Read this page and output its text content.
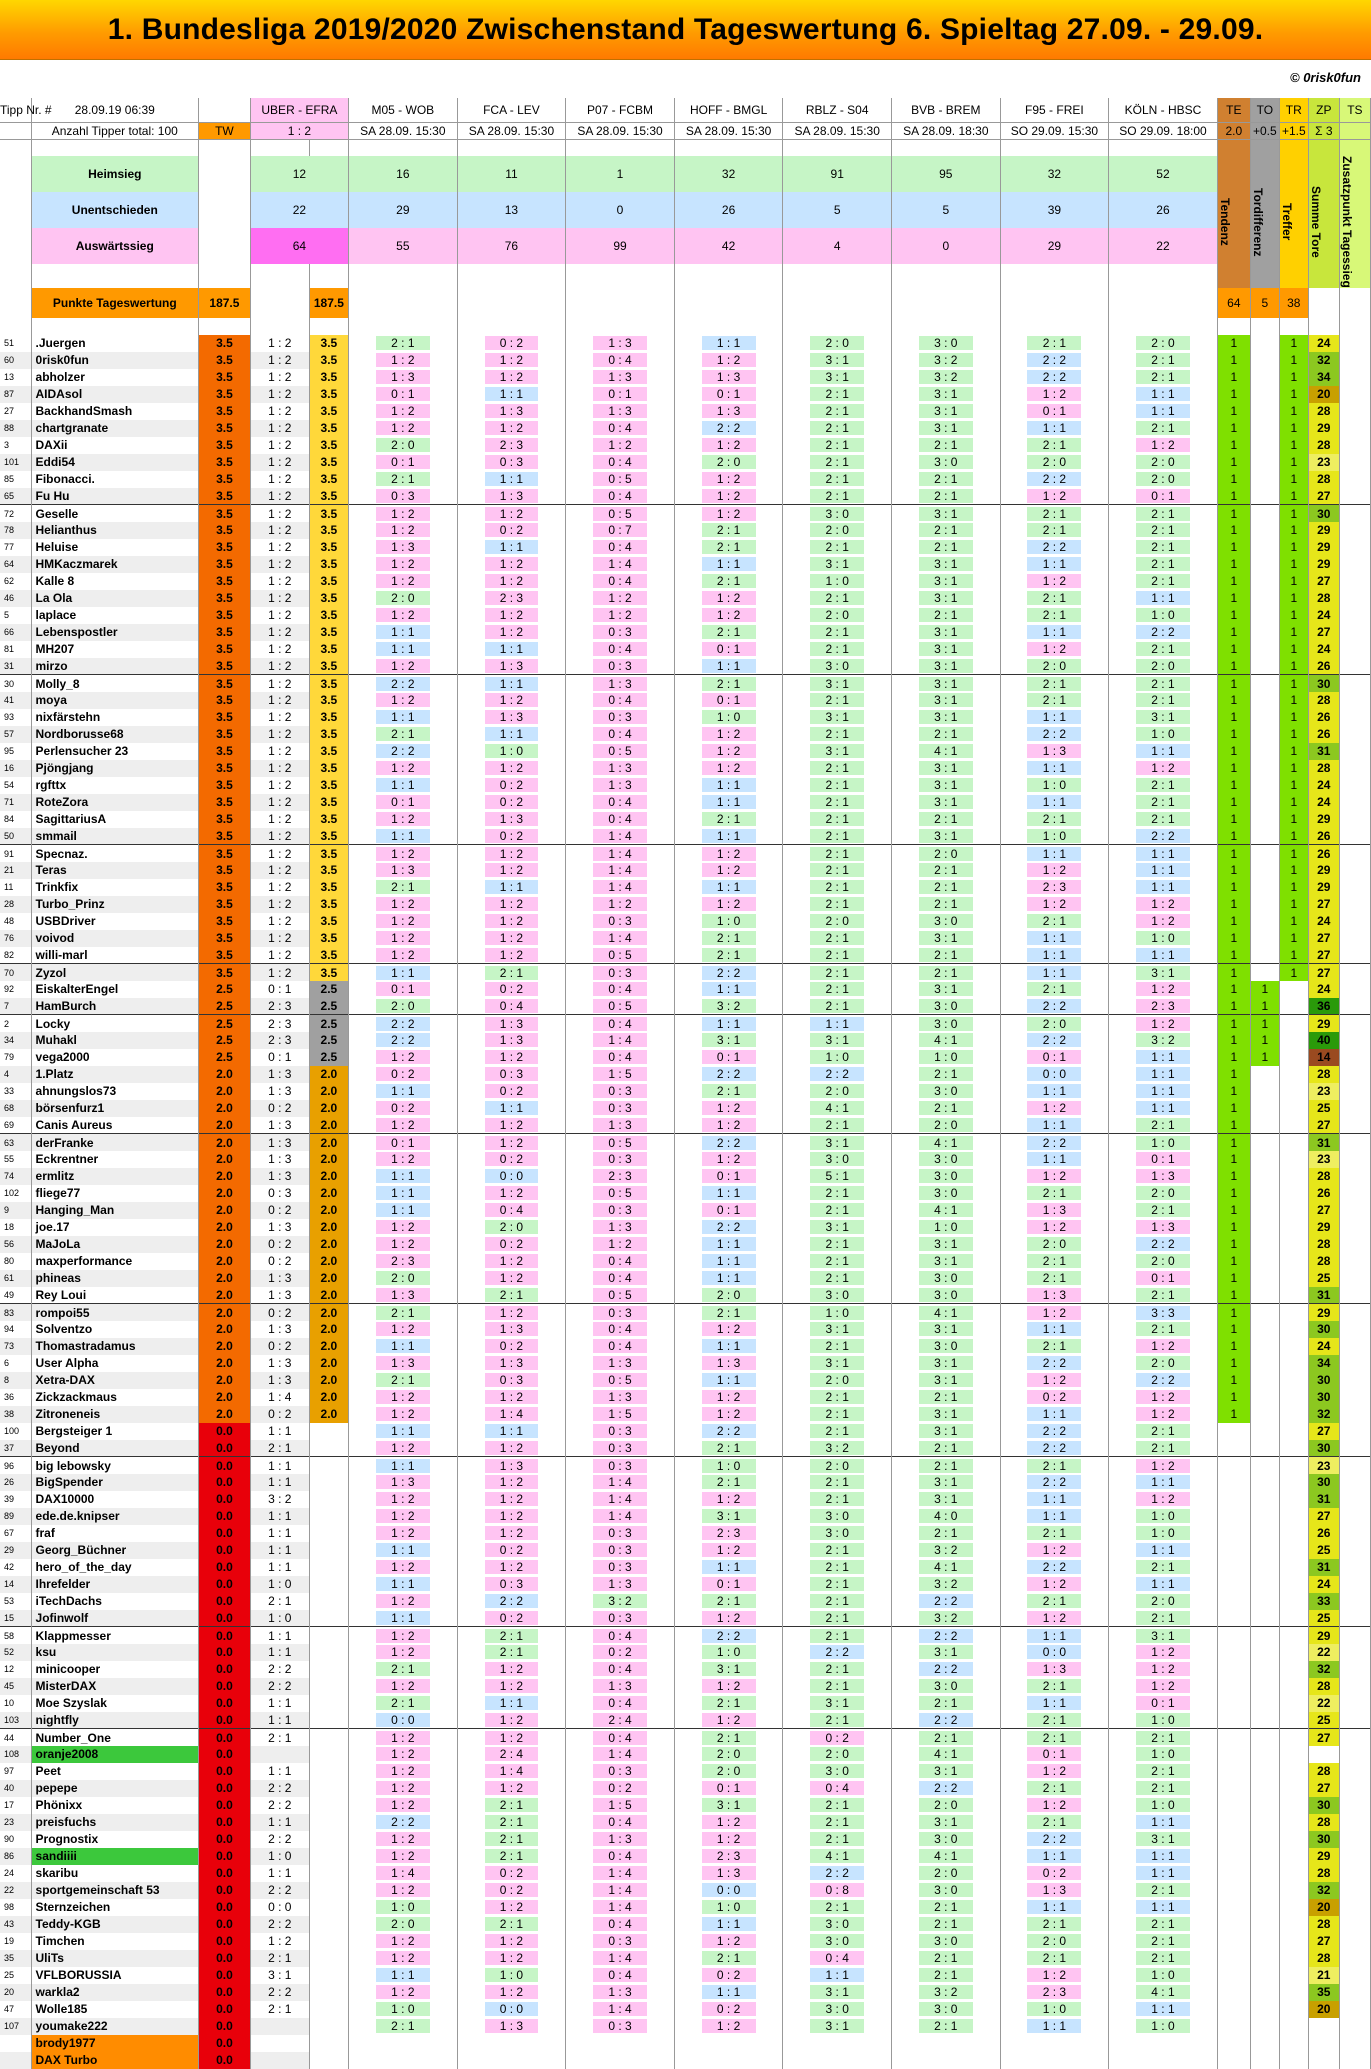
1. Bundesliga 2019/2020 Zwischenstand Tageswertung 6. Spieltag 27.09. - 29.09.
© 0risk0fun
Tipp Nr. #	28.09.19 06:39		UBER - EFRA		M05 - WOB	FCA - LEV	P07 - FCBM	HOFF - BMGL	RBLZ - S04	BVB - BREM	F95 - FREI	KÖLN - HBSC	TE	TO	TR	ZP	TS
	Anzahl Tipper total: 100	TW	1 : 2		SA 28.09. 15:30	SA 28.09. 15:30	SA 28.09. 15:30	SA 28.09. 15:30	SA 28.09. 15:30	SA 28.09. 18:30	SO 29.09. 15:30	SO 29.09. 18:00	2.0	+0.5	+1.5	Σ 3	

	Heimsieg		12		16	11	1	32	91	95	32	52	Tendenz	Tordifferenz	Treffer	Summe Tore	Zusatzpunkt Tagessieg

	Unentschieden		22		29	13	0	26	5	5	39	26					
	Auswärtssieg		64		55	76	99	42	4	0	29	22					

	Punkte Tageswertung	187.5		187.5									64	5	38		

51	.Juergen	3.5	1 : 2	3.5	2 : 1	0 : 2	1 : 3	1 : 1	2 : 0	3 : 0	2 : 1	2 : 0	1		1	24	
60	0risk0fun	3.5	1 : 2	3.5	1 : 2	1 : 2	0 : 4	1 : 2	3 : 1	3 : 2	2 : 2	2 : 1	1		1	32	
13	abholzer	3.5	1 : 2	3.5	1 : 3	1 : 2	1 : 3	1 : 3	3 : 1	3 : 2	2 : 2	2 : 1	1		1	34	
87	AIDAsol	3.5	1 : 2	3.5	0 : 1	1 : 1	0 : 1	0 : 1	2 : 1	3 : 1	1 : 2	1 : 1	1		1	20	
27	BackhandSmash	3.5	1 : 2	3.5	1 : 2	1 : 3	1 : 3	1 : 3	2 : 1	3 : 1	0 : 1	1 : 1	1		1	28	
88	chartgranate	3.5	1 : 2	3.5	1 : 2	1 : 2	0 : 4	2 : 2	2 : 1	3 : 1	1 : 1	2 : 1	1		1	29	
3	DAXii	3.5	1 : 2	3.5	2 : 0	2 : 3	1 : 2	1 : 2	2 : 1	2 : 1	2 : 1	1 : 2	1		1	28	
101	Eddi54	3.5	1 : 2	3.5	0 : 1	0 : 3	0 : 4	2 : 0	2 : 1	3 : 0	2 : 0	2 : 0	1		1	23	
85	Fibonacci.	3.5	1 : 2	3.5	2 : 1	1 : 1	0 : 5	1 : 2	2 : 1	2 : 1	2 : 2	2 : 0	1		1	28	
65	Fu Hu	3.5	1 : 2	3.5	0 : 3	1 : 3	0 : 4	1 : 2	2 : 1	2 : 1	1 : 2	0 : 1	1		1	27	
72	Geselle	3.5	1 : 2	3.5	1 : 2	1 : 2	0 : 5	1 : 2	3 : 0	3 : 1	2 : 1	2 : 1	1		1	30	
78	Helianthus	3.5	1 : 2	3.5	1 : 2	0 : 2	0 : 7	2 : 1	2 : 0	2 : 1	2 : 1	2 : 1	1		1	29	
77	Heluise	3.5	1 : 2	3.5	1 : 3	1 : 1	0 : 4	2 : 1	2 : 1	2 : 1	2 : 2	2 : 1	1		1	29	
64	HMKaczmarek	3.5	1 : 2	3.5	1 : 2	1 : 2	1 : 4	1 : 1	3 : 1	3 : 1	1 : 1	2 : 1	1		1	29	
62	Kalle 8	3.5	1 : 2	3.5	1 : 2	1 : 2	0 : 4	2 : 1	1 : 0	3 : 1	1 : 2	2 : 1	1		1	27	
46	La Ola	3.5	1 : 2	3.5	2 : 0	2 : 3	1 : 2	1 : 2	2 : 1	3 : 1	2 : 1	1 : 1	1		1	28	
5	laplace	3.5	1 : 2	3.5	1 : 2	1 : 2	1 : 2	1 : 2	2 : 0	2 : 1	2 : 1	1 : 0	1		1	24	
66	Lebenspostler	3.5	1 : 2	3.5	1 : 1	1 : 2	0 : 3	2 : 1	2 : 1	3 : 1	1 : 1	2 : 2	1		1	27	
81	MH207	3.5	1 : 2	3.5	1 : 1	1 : 1	0 : 4	0 : 1	2 : 1	3 : 1	1 : 2	2 : 1	1		1	24	
31	mirzo	3.5	1 : 2	3.5	1 : 2	1 : 3	0 : 3	1 : 1	3 : 0	3 : 1	2 : 0	2 : 0	1		1	26	
30	Molly_8	3.5	1 : 2	3.5	2 : 2	1 : 1	1 : 3	2 : 1	3 : 1	3 : 1	2 : 1	2 : 1	1		1	30	
41	moya	3.5	1 : 2	3.5	1 : 2	1 : 2	0 : 4	0 : 1	2 : 1	3 : 1	2 : 1	2 : 1	1		1	28	
93	nixfärstehn	3.5	1 : 2	3.5	1 : 1	1 : 3	0 : 3	1 : 0	3 : 1	3 : 1	1 : 1	3 : 1	1		1	26	
57	Nordborusse68	3.5	1 : 2	3.5	2 : 1	1 : 1	0 : 4	1 : 2	2 : 1	2 : 1	2 : 2	1 : 0	1		1	26	
95	Perlensucher 23	3.5	1 : 2	3.5	2 : 2	1 : 0	0 : 5	1 : 2	3 : 1	4 : 1	1 : 3	1 : 1	1		1	31	
16	Pjöngjang	3.5	1 : 2	3.5	1 : 2	1 : 2	1 : 3	1 : 2	2 : 1	3 : 1	1 : 1	1 : 2	1		1	28	
54	rgfttx	3.5	1 : 2	3.5	1 : 1	0 : 2	1 : 3	1 : 1	2 : 1	3 : 1	1 : 0	2 : 1	1		1	24	
71	RoteZora	3.5	1 : 2	3.5	0 : 1	0 : 2	0 : 4	1 : 1	2 : 1	3 : 1	1 : 1	2 : 1	1		1	24	
84	SagittariusA	3.5	1 : 2	3.5	1 : 2	1 : 3	0 : 4	2 : 1	2 : 1	2 : 1	2 : 1	2 : 1	1		1	29	
50	smmail	3.5	1 : 2	3.5	1 : 1	0 : 2	1 : 4	1 : 1	2 : 1	3 : 1	1 : 0	2 : 2	1		1	26	
91	Specnaz.	3.5	1 : 2	3.5	1 : 2	1 : 2	1 : 4	1 : 2	2 : 1	2 : 0	1 : 1	1 : 1	1		1	26	
21	Teras	3.5	1 : 2	3.5	1 : 3	1 : 2	1 : 4	1 : 2	2 : 1	2 : 1	1 : 2	1 : 1	1		1	29	
11	Trinkfix	3.5	1 : 2	3.5	2 : 1	1 : 1	1 : 4	1 : 1	2 : 1	2 : 1	2 : 3	1 : 1	1		1	29	
28	Turbo_Prinz	3.5	1 : 2	3.5	1 : 2	1 : 2	1 : 2	1 : 2	2 : 1	2 : 1	1 : 2	1 : 2	1		1	27	
48	USBDriver	3.5	1 : 2	3.5	1 : 2	1 : 2	0 : 3	1 : 0	2 : 0	3 : 0	2 : 1	1 : 2	1		1	24	
76	voivod	3.5	1 : 2	3.5	1 : 2	1 : 2	1 : 4	2 : 1	2 : 1	3 : 1	1 : 1	1 : 0	1		1	27	
82	willi-marl	3.5	1 : 2	3.5	1 : 2	1 : 2	0 : 5	2 : 1	2 : 1	2 : 1	1 : 1	1 : 1	1		1	27	
70	Zyzol	3.5	1 : 2	3.5	1 : 1	2 : 1	0 : 3	2 : 2	2 : 1	2 : 1	1 : 1	3 : 1	1		1	27	
92	EiskalterEngel	2.5	0 : 1	2.5	0 : 1	0 : 2	0 : 4	1 : 1	2 : 1	3 : 1	2 : 1	1 : 2	1	1		24	
7	HamBurch	2.5	2 : 3	2.5	2 : 0	0 : 4	0 : 5	3 : 2	2 : 1	3 : 0	2 : 2	2 : 3	1	1		36	
2	Locky	2.5	2 : 3	2.5	2 : 2	1 : 3	0 : 4	1 : 1	1 : 1	3 : 0	2 : 0	1 : 2	1	1		29	
34	Muhakl	2.5	2 : 3	2.5	2 : 2	1 : 3	1 : 4	3 : 1	3 : 1	4 : 1	2 : 2	3 : 2	1	1		40	
79	vega2000	2.5	0 : 1	2.5	1 : 2	1 : 2	0 : 4	0 : 1	1 : 0	1 : 0	0 : 1	1 : 1	1	1		14	
4	1.Platz	2.0	1 : 3	2.0	0 : 2	0 : 3	1 : 5	2 : 2	2 : 2	2 : 1	0 : 0	1 : 1	1			28	
33	ahnungslos73	2.0	1 : 3	2.0	1 : 1	0 : 2	0 : 3	2 : 1	2 : 0	3 : 0	1 : 1	1 : 1	1			23	
68	börsenfurz1	2.0	0 : 2	2.0	0 : 2	1 : 1	0 : 3	1 : 2	4 : 1	2 : 1	1 : 2	1 : 1	1			25	
69	Canis Aureus	2.0	1 : 3	2.0	1 : 2	1 : 2	1 : 3	1 : 2	2 : 1	2 : 0	1 : 1	2 : 1	1			27	
63	derFranke	2.0	1 : 3	2.0	0 : 1	1 : 2	0 : 5	2 : 2	3 : 1	4 : 1	2 : 2	1 : 0	1			31	
55	Eckrentner	2.0	1 : 3	2.0	1 : 2	0 : 2	0 : 3	1 : 2	3 : 0	3 : 0	1 : 1	0 : 1	1			23	
74	ermlitz	2.0	1 : 3	2.0	1 : 1	0 : 0	2 : 3	0 : 1	5 : 1	3 : 0	1 : 2	1 : 3	1			28	
102	fliege77	2.0	0 : 3	2.0	1 : 1	1 : 2	0 : 5	1 : 1	2 : 1	3 : 0	2 : 1	2 : 0	1			26	
9	Hanging_Man	2.0	0 : 2	2.0	1 : 1	0 : 4	0 : 3	0 : 1	2 : 1	4 : 1	1 : 3	2 : 1	1			27	
18	joe.17	2.0	1 : 3	2.0	1 : 2	2 : 0	1 : 3	2 : 2	3 : 1	1 : 0	1 : 2	1 : 3	1			29	
56	MaJoLa	2.0	0 : 2	2.0	1 : 2	0 : 2	1 : 2	1 : 1	2 : 1	3 : 1	2 : 0	2 : 2	1			28	
80	maxperformance	2.0	0 : 2	2.0	2 : 3	1 : 2	0 : 4	1 : 1	2 : 1	3 : 1	2 : 1	2 : 0	1			28	
61	phineas	2.0	1 : 3	2.0	2 : 0	1 : 2	0 : 4	1 : 1	2 : 1	3 : 0	2 : 1	0 : 1	1			25	
49	Rey Loui	2.0	1 : 3	2.0	1 : 3	2 : 1	0 : 5	2 : 0	3 : 0	3 : 0	1 : 3	2 : 1	1			31	
83	rompoi55	2.0	0 : 2	2.0	2 : 1	1 : 2	0 : 3	2 : 1	1 : 0	4 : 1	1 : 2	3 : 3	1			29	
94	Solventzo	2.0	1 : 3	2.0	1 : 2	1 : 3	0 : 4	1 : 2	3 : 1	3 : 1	1 : 1	2 : 1	1			30	
73	Thomastradamus	2.0	0 : 2	2.0	1 : 1	0 : 2	0 : 4	1 : 1	2 : 1	3 : 0	2 : 1	1 : 2	1			24	
6	User Alpha	2.0	1 : 3	2.0	1 : 3	1 : 3	1 : 3	1 : 3	3 : 1	3 : 1	2 : 2	2 : 0	1			34	
8	Xetra-DAX	2.0	1 : 3	2.0	2 : 1	0 : 3	0 : 5	1 : 1	2 : 0	3 : 1	1 : 2	2 : 2	1			30	
36	Zickzackmaus	2.0	1 : 4	2.0	1 : 2	1 : 2	1 : 3	1 : 2	2 : 1	2 : 1	0 : 2	1 : 2	1			30	
38	Zitroneneis	2.0	0 : 2	2.0	1 : 2	1 : 4	1 : 5	1 : 2	2 : 1	3 : 1	1 : 1	1 : 2	1			32	
100	Bergsteiger 1	0.0	1 : 1		1 : 1	1 : 1	0 : 3	2 : 2	2 : 1	3 : 1	2 : 2	2 : 1				27	
37	Beyond	0.0	2 : 1		1 : 2	1 : 2	0 : 3	2 : 1	3 : 2	2 : 1	2 : 2	2 : 1				30	
96	big lebowsky	0.0	1 : 1		1 : 1	1 : 3	0 : 3	1 : 0	2 : 0	2 : 1	2 : 1	1 : 2				23	
26	BigSpender	0.0	1 : 1		1 : 3	1 : 2	1 : 4	2 : 1	2 : 1	3 : 1	2 : 2	1 : 1				30	
39	DAX10000	0.0	3 : 2		1 : 2	1 : 2	1 : 4	1 : 2	2 : 1	3 : 1	1 : 1	1 : 2				31	
89	ede.de.knipser	0.0	1 : 1		1 : 2	1 : 2	1 : 4	3 : 1	3 : 0	4 : 0	1 : 1	1 : 0				27	
67	fraf	0.0	1 : 1		1 : 2	1 : 2	0 : 3	2 : 3	3 : 0	2 : 1	2 : 1	1 : 0				26	
29	Georg_Büchner	0.0	1 : 1		1 : 1	0 : 2	0 : 3	1 : 2	2 : 1	3 : 2	1 : 2	1 : 1				25	
42	hero_of_the_day	0.0	1 : 1		1 : 2	1 : 2	0 : 3	1 : 1	2 : 1	4 : 1	2 : 2	2 : 1				31	
14	Ihrefelder	0.0	1 : 0		1 : 1	0 : 3	1 : 3	0 : 1	2 : 1	3 : 2	1 : 2	1 : 1				24	
53	iTechDachs	0.0	2 : 1		1 : 2	2 : 2	3 : 2	2 : 1	2 : 1	2 : 2	2 : 1	2 : 0				33	
15	Jofinwolf	0.0	1 : 0		1 : 1	0 : 2	0 : 3	1 : 2	2 : 1	3 : 2	1 : 2	2 : 1				25	
58	Klappmesser	0.0	1 : 1		1 : 2	2 : 1	0 : 4	2 : 2	2 : 1	2 : 2	1 : 1	3 : 1				29	
52	ksu	0.0	1 : 1		1 : 2	2 : 1	0 : 2	1 : 0	2 : 2	3 : 1	0 : 0	1 : 2				22	
12	minicooper	0.0	2 : 2		2 : 1	1 : 2	0 : 4	3 : 1	2 : 1	2 : 2	1 : 3	1 : 2				32	
45	MisterDAX	0.0	2 : 2		1 : 2	1 : 2	1 : 3	1 : 2	2 : 1	3 : 0	2 : 1	1 : 2				28	
10	Moe Szyslak	0.0	1 : 1		2 : 1	1 : 1	0 : 4	2 : 1	3 : 1	2 : 1	1 : 1	0 : 1				22	
103	nightfly	0.0	1 : 1		0 : 0	1 : 2	2 : 4	1 : 2	2 : 1	2 : 2	2 : 1	1 : 0				25	
44	Number_One	0.0	2 : 1		1 : 2	1 : 2	0 : 4	2 : 1	0 : 2	2 : 1	2 : 1	2 : 1				27	
108	oranje2008	0.0			1 : 2	2 : 4	1 : 4	2 : 0	2 : 0	4 : 1	0 : 1	1 : 0					
97	Peet	0.0	1 : 1		1 : 2	1 : 4	0 : 3	2 : 0	3 : 0	3 : 1	1 : 2	2 : 1				28	
40	pepepe	0.0	2 : 2		1 : 2	1 : 2	0 : 2	0 : 1	0 : 4	2 : 2	2 : 1	2 : 1				27	
17	Phönixx	0.0	2 : 2		1 : 2	2 : 1	1 : 5	3 : 1	2 : 1	2 : 0	1 : 2	1 : 0				30	
23	preisfuchs	0.0	1 : 1		2 : 2	2 : 1	0 : 4	1 : 2	2 : 1	3 : 1	2 : 1	1 : 1				28	
90	Prognostix	0.0	2 : 2		1 : 2	2 : 1	1 : 3	1 : 2	2 : 1	3 : 0	2 : 2	3 : 1				30	
86	sandiiii	0.0	1 : 0		1 : 2	2 : 1	0 : 4	2 : 3	4 : 1	4 : 1	1 : 1	1 : 1				29	
24	skaribu	0.0	1 : 1		1 : 4	0 : 2	1 : 4	1 : 3	2 : 2	2 : 0	0 : 2	1 : 1				28	
22	sportgemeinschaft 53	0.0	2 : 2		1 : 2	0 : 2	1 : 4	0 : 0	0 : 8	3 : 0	1 : 3	2 : 1				32	
98	Sternzeichen	0.0	0 : 0		1 : 0	1 : 2	1 : 4	1 : 0	2 : 1	2 : 1	1 : 1	1 : 1				20	
43	Teddy-KGB	0.0	2 : 2		2 : 0	2 : 1	0 : 4	1 : 1	3 : 0	2 : 1	2 : 1	2 : 1				28	
19	Timchen	0.0	1 : 2		1 : 2	1 : 2	0 : 3	1 : 2	3 : 0	3 : 0	2 : 0	2 : 1				27	
35	UliTs	0.0	2 : 1		1 : 2	1 : 2	1 : 4	2 : 1	0 : 4	2 : 1	2 : 1	2 : 1				28	
25	VFLBORUSSIA	0.0	3 : 1		1 : 1	1 : 0	0 : 4	0 : 2	1 : 1	2 : 1	1 : 2	1 : 0				21	
20	warkla2	0.0	2 : 2		1 : 2	1 : 2	1 : 3	1 : 1	3 : 1	3 : 2	2 : 3	4 : 1				35	
47	Wolle185	0.0	2 : 1		1 : 0	0 : 0	1 : 4	0 : 2	3 : 0	3 : 0	1 : 0	1 : 1				20	
107	youmake222	0.0			2 : 1	1 : 3	0 : 3	1 : 2	3 : 1	2 : 1	1 : 1	1 : 0					
	brody1977	0.0															
	DAX Turbo	0.0															
